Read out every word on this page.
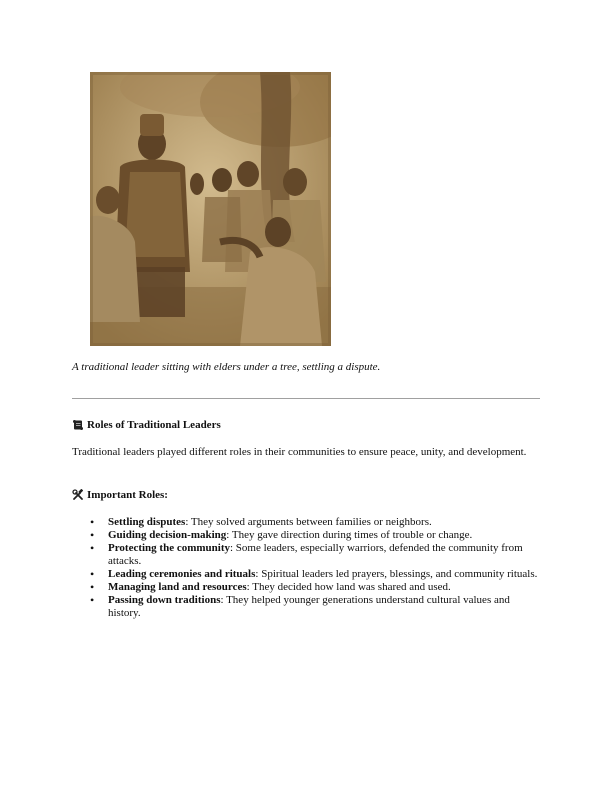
A traditional leader sitting with elders under a tree, settling a dispute.
Roles of Traditional Leaders
Traditional leaders played different roles in their communities to ensure peace, unity, and development.
Important Roles:
• Settling disputes: They solved arguments between families or neighbors.
• Guiding decision-making: They gave direction during times of trouble or change.
• Protecting the community: Some leaders, especially warriors, defended the community from attacks.
• Leading ceremonies and rituals: Spiritual leaders led prayers, blessings, and community rituals.
• Managing land and resources: They decided how land was shared and used.
• Passing down traditions: They helped younger generations understand cultural values and history.
